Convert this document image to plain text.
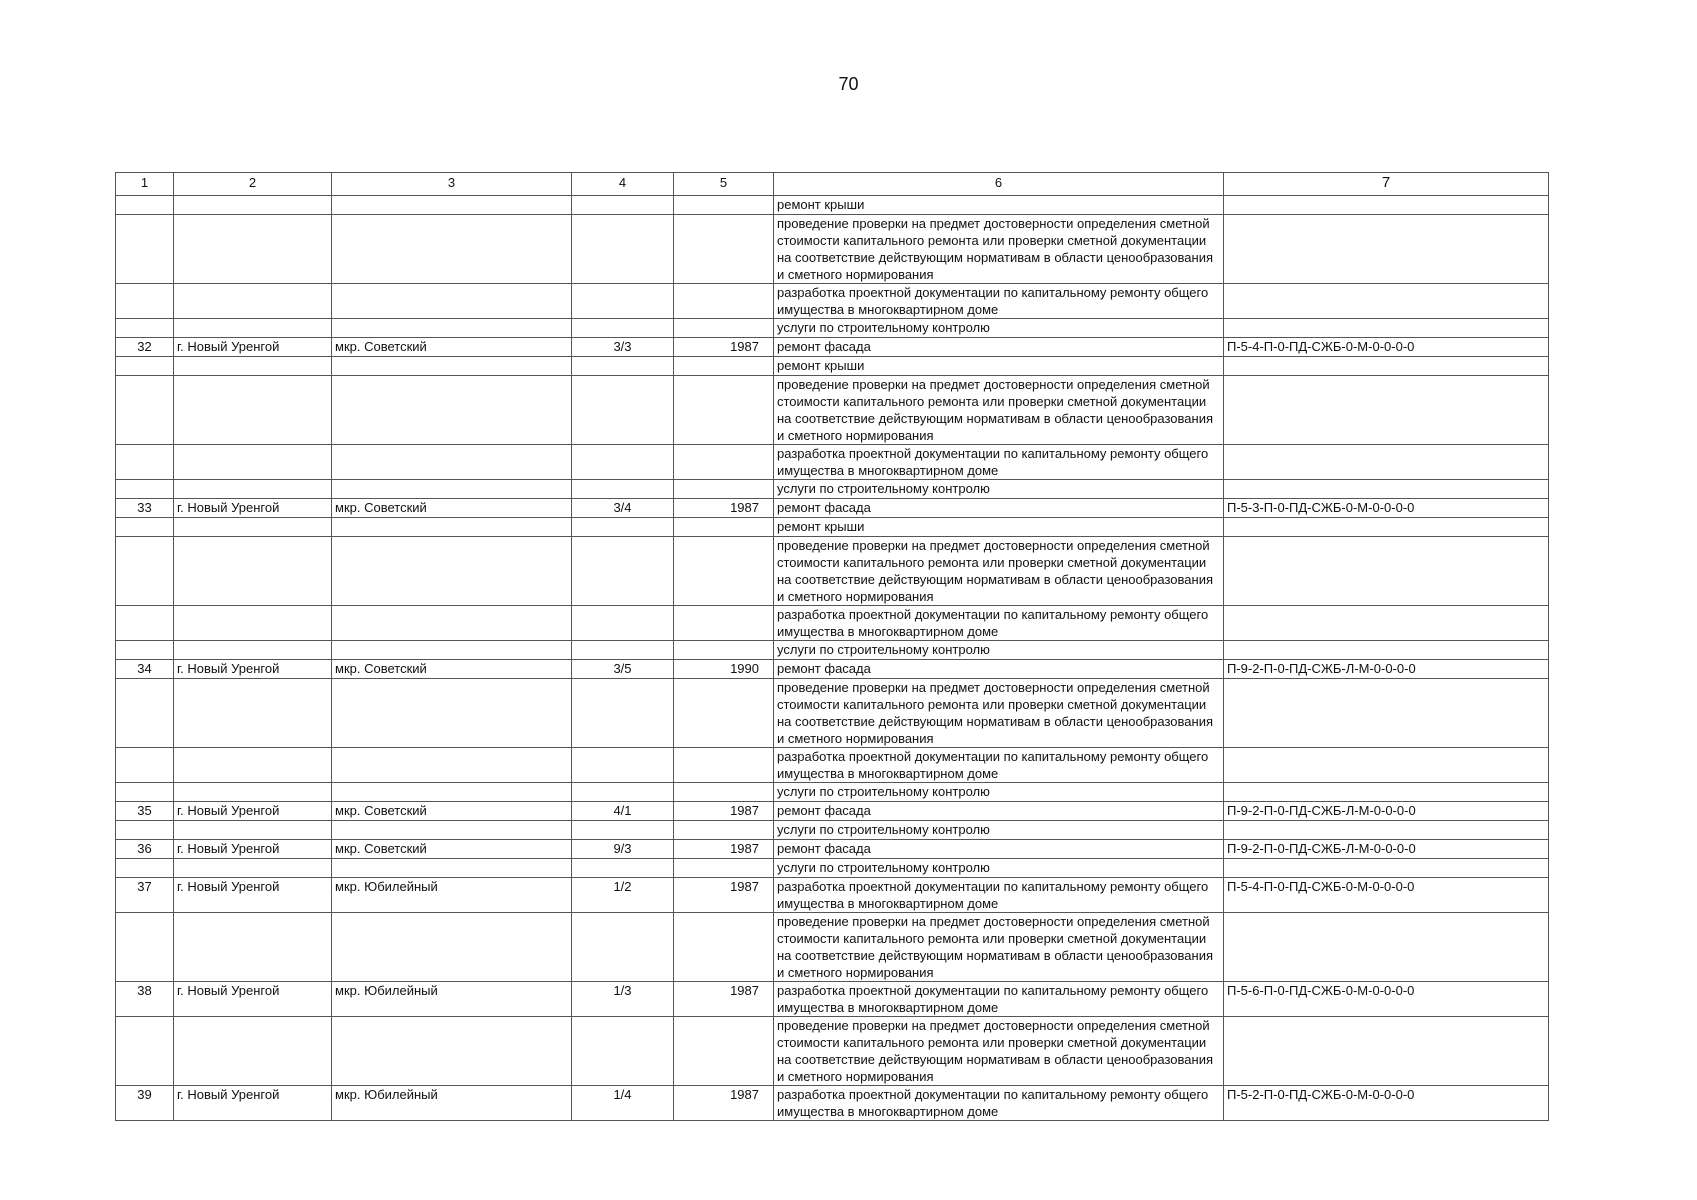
70
1	2	3	4	5	6	7
					ремонт крыши	
					проведение проверки на предмет достоверности определения сметной стоимости капитального ремонта или проверки сметной документации на соответствие действующим нормативам в области ценообразования и сметного нормирования	
					разработка проектной документации по капитальному ремонту общего имущества в многоквартирном доме	
					услуги по строительному контролю	
32	г. Новый Уренгой	мкр. Советский	3/3	1987	ремонт фасада	П-5-4-П-0-ПД-СЖБ-0-М-0-0-0-0
					ремонт крыши	
					проведение проверки на предмет достоверности определения сметной стоимости капитального ремонта или проверки сметной документации на соответствие действующим нормативам в области ценообразования и сметного нормирования	
					разработка проектной документации по капитальному ремонту общего имущества в многоквартирном доме	
					услуги по строительному контролю	
33	г. Новый Уренгой	мкр. Советский	3/4	1987	ремонт фасада	П-5-3-П-0-ПД-СЖБ-0-М-0-0-0-0
					ремонт крыши	
					проведение проверки на предмет достоверности определения сметной стоимости капитального ремонта или проверки сметной документации на соответствие действующим нормативам в области ценообразования и сметного нормирования	
					разработка проектной документации по капитальному ремонту общего имущества в многоквартирном доме	
					услуги по строительному контролю	
34	г. Новый Уренгой	мкр. Советский	3/5	1990	ремонт фасада	П-9-2-П-0-ПД-СЖБ-Л-М-0-0-0-0
					проведение проверки на предмет достоверности определения сметной стоимости капитального ремонта или проверки сметной документации на соответствие действующим нормативам в области ценообразования и сметного нормирования	
					разработка проектной документации по капитальному ремонту общего имущества в многоквартирном доме	
					услуги по строительному контролю	
35	г. Новый Уренгой	мкр. Советский	4/1	1987	ремонт фасада	П-9-2-П-0-ПД-СЖБ-Л-М-0-0-0-0
					услуги по строительному контролю	
36	г. Новый Уренгой	мкр. Советский	9/3	1987	ремонт фасада	П-9-2-П-0-ПД-СЖБ-Л-М-0-0-0-0
					услуги по строительному контролю	
37	г. Новый Уренгой	мкр. Юбилейный	1/2	1987	разработка проектной документации по капитальному ремонту общего имущества в многоквартирном доме	П-5-4-П-0-ПД-СЖБ-0-М-0-0-0-0
					проведение проверки на предмет достоверности определения сметной стоимости капитального ремонта или проверки сметной документации на соответствие действующим нормативам в области ценообразования и сметного нормирования	
38	г. Новый Уренгой	мкр. Юбилейный	1/3	1987	разработка проектной документации по капитальному ремонту общего имущества в многоквартирном доме	П-5-6-П-0-ПД-СЖБ-0-М-0-0-0-0
					проведение проверки на предмет достоверности определения сметной стоимости капитального ремонта или проверки сметной документации на соответствие действующим нормативам в области ценообразования и сметного нормирования	
39	г. Новый Уренгой	мкр. Юбилейный	1/4	1987	разработка проектной документации по капитальному ремонту общего имущества в многоквартирном доме	П-5-2-П-0-ПД-СЖБ-0-М-0-0-0-0
